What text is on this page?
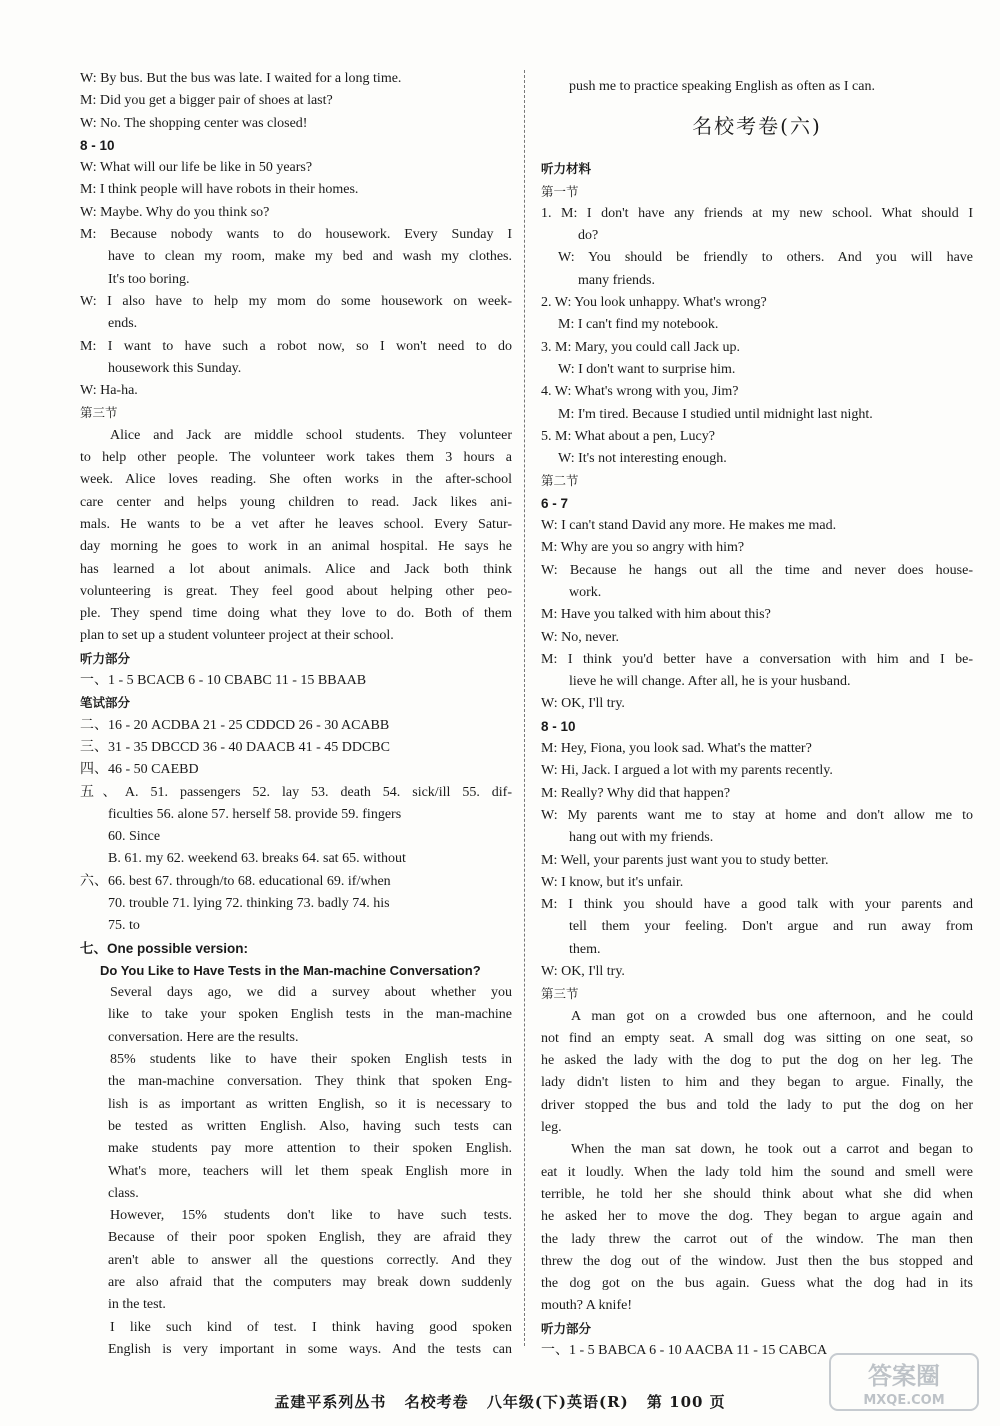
W: By bus. But the bus was late. I waited for a long time.
M: Did you get a bigger pair of shoes at last?
W: No. The shopping center was closed!
8 - 10
W: What will our life be like in 50 years?
M: I think people will have robots in their homes.
W: Maybe. Why do you think so?
M: Because nobody wants to do housework. Every Sunday I
have to clean my room, make my bed and wash my clothes.
It's too boring.
W: I also have to help my mom do some housework on week-
ends.
M: I want to have such a robot now, so I won't need to do
housework this Sunday.
W: Ha-ha.
第三节
Alice and Jack are middle school students. They volunteer
to help other people. The volunteer work takes them 3 hours a
week. Alice loves reading. She often works in the after-school
care center and helps young children to read. Jack likes ani-
mals. He wants to be a vet after he leaves school. Every Satur-
day morning he goes to work in an animal hospital. He says he
has learned a lot about animals. Alice and Jack both think
volunteering is great. They feel good about helping other peo-
ple. They spend time doing what they love to do. Both of them
plan to set up a student volunteer project at their school.
听力部分
一、1 - 5 BCACB 6 - 10 CBABC 11 - 15 BBAAB
笔试部分
二、16 - 20 ACDBA 21 - 25 CDDCD 26 - 30 ACABB
三、31 - 35 DBCCD 36 - 40 DAACB 41 - 45 DDCBC
四、46 - 50 CAEBD
五、A. 51. passengers 52. lay 53. death 54. sick/ill 55. dif-
ficulties 56. alone 57. herself 58. provide 59. fingers
60. Since
B. 61. my 62. weekend 63. breaks 64. sat 65. without
六、66. best 67. through/to 68. educational 69. if/when
70. trouble 71. lying 72. thinking 73. badly 74. his
75. to
七、One possible version:
Do You Like to Have Tests in the Man-machine Conversation?
Several days ago, we did a survey about whether you
like to take your spoken English tests in the man-machine
conversation. Here are the results.
85% students like to have their spoken English tests in
the man-machine conversation. They think that spoken Eng-
lish is as important as written English, so it is necessary to
be tested as written English. Also, having such tests can
make students pay more attention to their spoken English.
What's more, teachers will let them speak English more in
class.
However, 15% students don't like to have such tests.
Because of their poor spoken English, they are afraid they
aren't able to answer all the questions correctly. And they
are also afraid that the computers may break down suddenly
in the test.
I like such kind of test. I think having good spoken
English is very important in some ways. And the tests can
push me to practice speaking English as often as I can.
名校考卷(六)
听力材料
第一节
1. M: I don't have any friends at my new school. What should I
do?
W: You should be friendly to others. And you will have
many friends.
2. W: You look unhappy. What's wrong?
M: I can't find my notebook.
3. M: Mary, you could call Jack up.
W: I don't want to surprise him.
4. W: What's wrong with you, Jim?
M: I'm tired. Because I studied until midnight last night.
5. M: What about a pen, Lucy?
W: It's not interesting enough.
第二节
6 - 7
W: I can't stand David any more. He makes me mad.
M: Why are you so angry with him?
W: Because he hangs out all the time and never does house-
work.
M: Have you talked with him about this?
W: No, never.
M: I think you'd better have a conversation with him and I be-
lieve he will change. After all, he is your husband.
W: OK, I'll try.
8 - 10
M: Hey, Fiona, you look sad. What's the matter?
W: Hi, Jack. I argued a lot with my parents recently.
M: Really? Why did that happen?
W: My parents want me to stay at home and don't allow me to
hang out with my friends.
M: Well, your parents just want you to study better.
W: I know, but it's unfair.
M: I think you should have a good talk with your parents and
tell them your feeling. Don't argue and run away from
them.
W: OK, I'll try.
第三节
A man got on a crowded bus one afternoon, and he could
not find an empty seat. A small dog was sitting on one seat, so
he asked the lady with the dog to put the dog on her leg. The
lady didn't listen to him and they began to argue. Finally, the
driver stopped the bus and told the lady to put the dog on her
leg.
When the man sat down, he took out a carrot and began to
eat it loudly. When the lady told him the sound and smell were
terrible, he told her she should think about what she did when
he asked her to move the dog. They began to argue again and
the lady threw the carrot out of the window. The man then
threw the dog out of the window. Just then the bus stopped and
the dog got on the bus again. Guess what the dog had in its
mouth? A knife!
听力部分
一、1 - 5 BABCA 6 - 10 AACBA 11 - 15 CABCA
孟建平系列丛书 名校考卷 八年级(下)英语(R) 第 100 页
答案圈
MXQE.COM
